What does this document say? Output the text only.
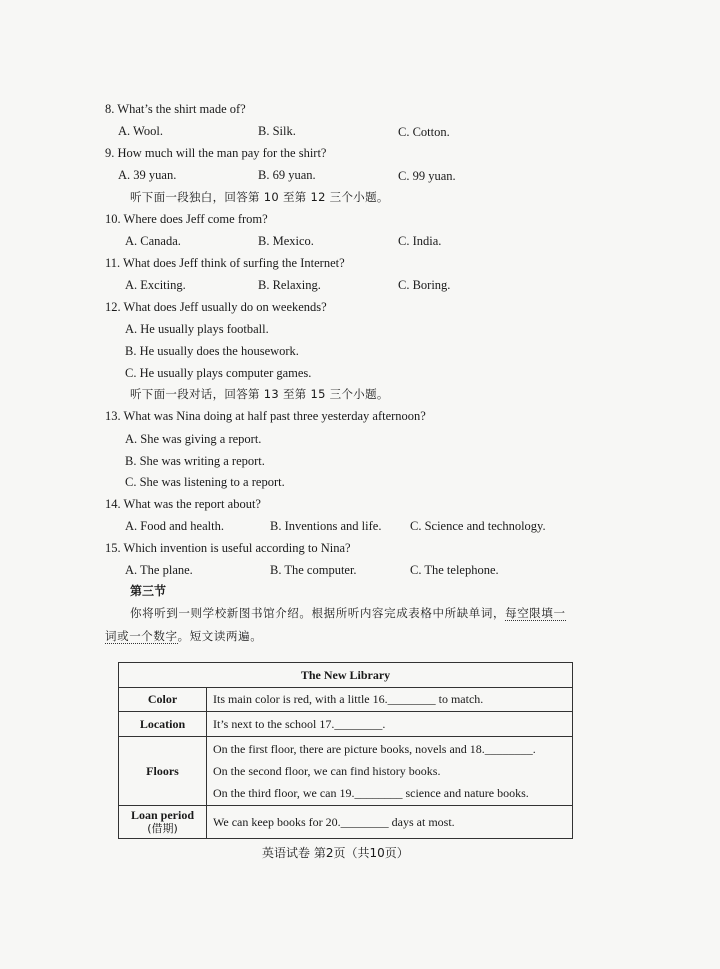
8. What’s the shirt made of?
A. Wool.	B. Silk.	C. Cotton.
9. How much will the man pay for the shirt?
A. 39 yuan.	B. 69 yuan.	C. 99 yuan.
听下面一段独白，回答第 10 至第 12 三个小题。
10. Where does Jeff come from?
A. Canada.	B. Mexico.	C. India.
11. What does Jeff think of surfing the Internet?
A. Exciting.	B. Relaxing.	C. Boring.
12. What does Jeff usually do on weekends?
A. He usually plays football.
B. He usually does the housework.
C. He usually plays computer games.
听下面一段对话，回答第 13 至第 15 三个小题。
13. What was Nina doing at half past three yesterday afternoon?
A. She was giving a report.
B. She was writing a report.
C. She was listening to a report.
14. What was the report about?
A. Food and health.	B. Inventions and life. C. Science and technology.
15. Which invention is useful according to Nina?
A. The plane.	B. The computer.	C. The telephone.
第三节
你将听到一则学校新图书馆介绍。根据所听内容完成表格中所缺单词，每空限填一
词或一个数字。短文读两遍。
The New Library	
Color	Its main color is red, with a little 16.________ to match.
Location	It’s next to the school 17.________.
Floors	On the first floor, there are picture books, novels and 18.________.
On the second floor, we can find history books.
On the third floor, we can 19.________ science and nature books.

Loan period
(借期)	We can keep books for 20.________ days at most.
英语试卷 第2页（共10页）
